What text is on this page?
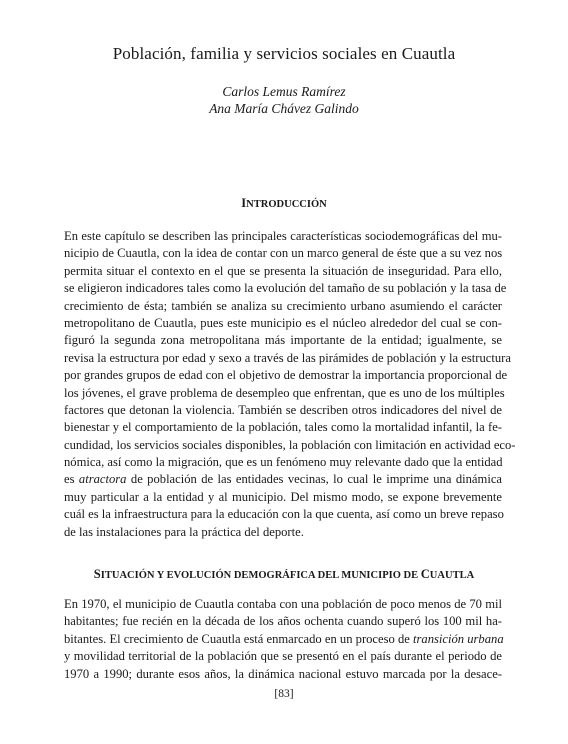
Población, familia y servicios sociales en Cuautla
Carlos Lemus Ramírez
Ana María Chávez Galindo
INTRODUCCIÓN
En este capítulo se describen las principales características sociodemográficas del mu-
nicipio de Cuautla, con la idea de contar con un marco general de éste que a su vez nos
permita situar el contexto en el que se presenta la situación de inseguridad. Para ello,
se eligieron indicadores tales como la evolución del tamaño de su población y la tasa de
crecimiento de ésta; también se analiza su crecimiento urbano asumiendo el carácter
metropolitano de Cuautla, pues este municipio es el núcleo alrededor del cual se con-
figuró la segunda zona metropolitana más importante de la entidad; igualmente, se
revisa la estructura por edad y sexo a través de las pirámides de población y la estructura
por grandes grupos de edad con el objetivo de demostrar la importancia proporcional de
los jóvenes, el grave problema de desempleo que enfrentan, que es uno de los múltiples
factores que detonan la violencia. También se describen otros indicadores del nivel de
bienestar y el comportamiento de la población, tales como la mortalidad infantil, la fe-
cundidad, los servicios sociales disponibles, la población con limitación en actividad eco-
nómica, así como la migración, que es un fenómeno muy relevante dado que la entidad
es atractora de población de las entidades vecinas, lo cual le imprime una dinámica
muy particular a la entidad y al municipio. Del mismo modo, se expone brevemente
cuál es la infraestructura para la educación con la que cuenta, así como un breve repaso
de las instalaciones para la práctica del deporte.
SITUACIÓN Y EVOLUCIÓN DEMOGRÁFICA DEL MUNICIPIO DE CUAUTLA
En 1970, el municipio de Cuautla contaba con una población de poco menos de 70 mil
habitantes; fue recién en la década de los años ochenta cuando superó los 100 mil ha-
bitantes. El crecimiento de Cuautla está enmarcado en un proceso de transición urbana
y movilidad territorial de la población que se presentó en el país durante el periodo de
1970 a 1990; durante esos años, la dinámica nacional estuvo marcada por la desace-
[83]
